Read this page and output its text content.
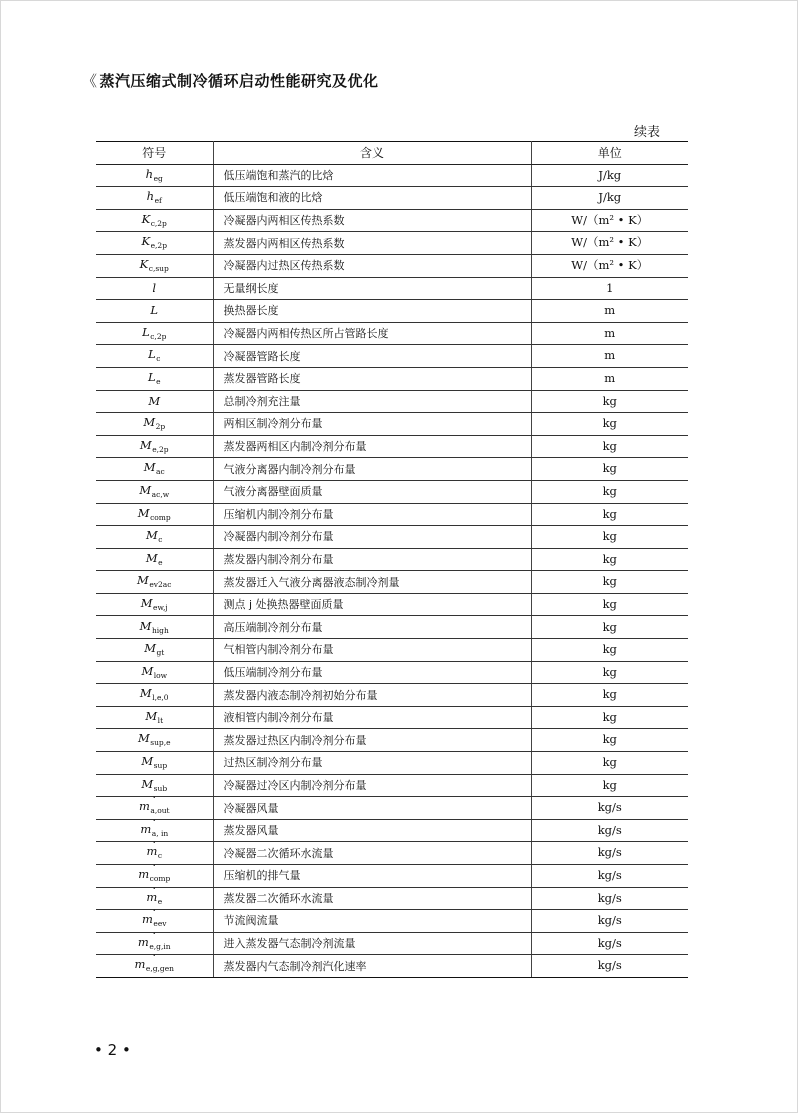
《 蒸汽压缩式制冷循环启动性能研究及优化
续表
符号	含义	单位
$h_{eg}$	低压端饱和蒸汽的比焓	J/kg
$h_{ef}$	低压端饱和液的比焓	J/kg
$K_{c,2p}$	冷凝器内两相区传热系数	W/（m² • K）
$K_{e,2p}$	蒸发器内两相区传热系数	W/（m² • K）
$K_{c,sup}$	冷凝器内过热区传热系数	W/（m² • K）
l	无量纲长度	1
L	换热器长度	m
$L_{c,2p}$	冷凝器内两相传热区所占管路长度	m
$L_c$	冷凝器管路长度	m
$L_e$	蒸发器管路长度	m
M	总制冷剂充注量	kg
$M_{2p}$	两相区制冷剂分布量	kg
$M_{e,2p}$	蒸发器两相区内制冷剂分布量	kg
$M_{ac}$	气液分离器内制冷剂分布量	kg
$M_{ac,w}$	气液分离器壁面质量	kg
$M_{comp}$	压缩机内制冷剂分布量	kg
$M_c$	冷凝器内制冷剂分布量	kg
$M_e$	蒸发器内制冷剂分布量	kg
$M_{ev2ac}$	蒸发器迁入气液分离器液态制冷剂量	kg
$M_{ew,j}$	测点 j 处换热器壁面质量	kg
$M_{high}$	高压端制冷剂分布量	kg
$M_{gt}$	气相管内制冷剂分布量	kg
$M_{low}$	低压端制冷剂分布量	kg
$M_{l,e,0}$	蒸发器内液态制冷剂初始分布量	kg
$M_{lt}$	液相管内制冷剂分布量	kg
$M_{sup,e}$	蒸发器过热区内制冷剂分布量	kg
$M_{sup}$	过热区制冷剂分布量	kg
$M_{sub}$	冷凝器过冷区内制冷剂分布量	kg
· $m_{a,out}$	冷凝器风量	kg/s
· $m_{a, in}$	蒸发器风量	kg/s
· $m_c$	冷凝器二次循环水流量	kg/s
· $m_{comp}$	压缩机的排气量	kg/s
· $m_e$	蒸发器二次循环水流量	kg/s
· $m_{eev}$	节流阀流量	kg/s
· $m_{e,g,in}$	进入蒸发器气态制冷剂流量	kg/s
· $m_{e,g,gen}$	蒸发器内气态制冷剂汽化速率	kg/s
• 2 •
